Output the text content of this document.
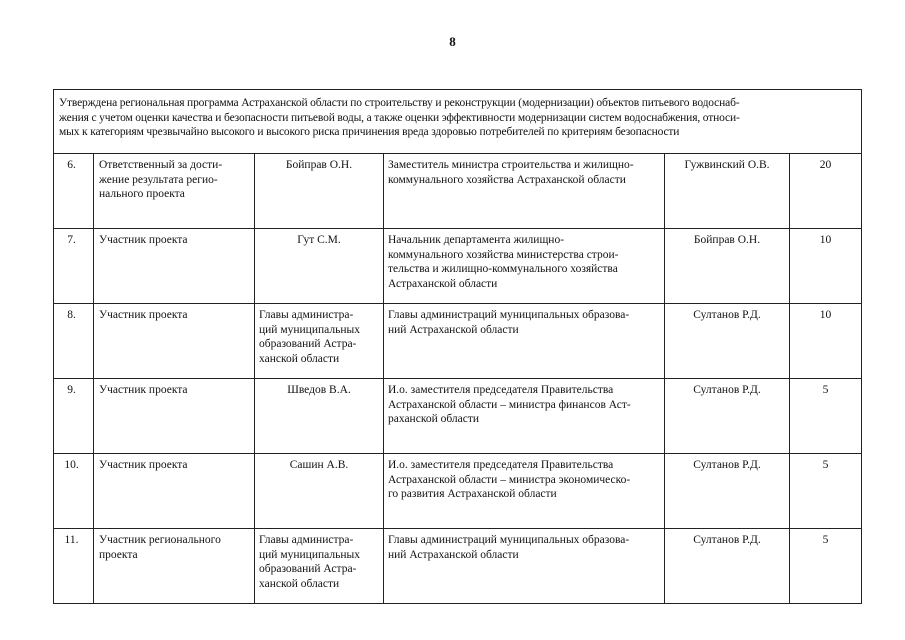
8
Утверждена региональная программа Астраханской области по строительству и реконструкции (модернизации) объектов питьевого водоснаб-
жения с учетом оценки качества и безопасности питьевой воды, а также оценки эффективности модернизации систем водоснабжения, относи-
мых к категориям чрезвычайно высокого и высокого риска причинения вреда здоровью потребителей по критериям безопасности					
6.	Ответственный за дости-
жение результата регио-
нального проекта	Бойправ О.Н.	Заместитель министра строительства и жилищно-
коммунального хозяйства Астраханской области	Гужвинский О.В.	20
7.	Участник проекта	Гут С.М.	Начальник департамента жилищно-
коммунального хозяйства министерства строи-
тельства и жилищно-коммунального хозяйства
Астраханской области	Бойправ О.Н.	10
8.	Участник проекта	Главы администра-
ций муниципальных
образований Астра-
ханской области	Главы администраций муниципальных образова-
ний Астраханской области	Султанов Р.Д.	10
9.	Участник проекта	Шведов В.А.	И.о. заместителя председателя Правительства
Астраханской области – министра финансов Аст-
раханской области	Султанов Р.Д.	5
10.	Участник проекта	Сашин А.В.	И.о. заместителя председателя Правительства
Астраханской области – министра экономическо-
го развития Астраханской области	Султанов Р.Д.	5
11.	Участник регионального
проекта	Главы администра-
ций муниципальных
образований Астра-
ханской области	Главы администраций муниципальных образова-
ний Астраханской области	Султанов Р.Д.	5
